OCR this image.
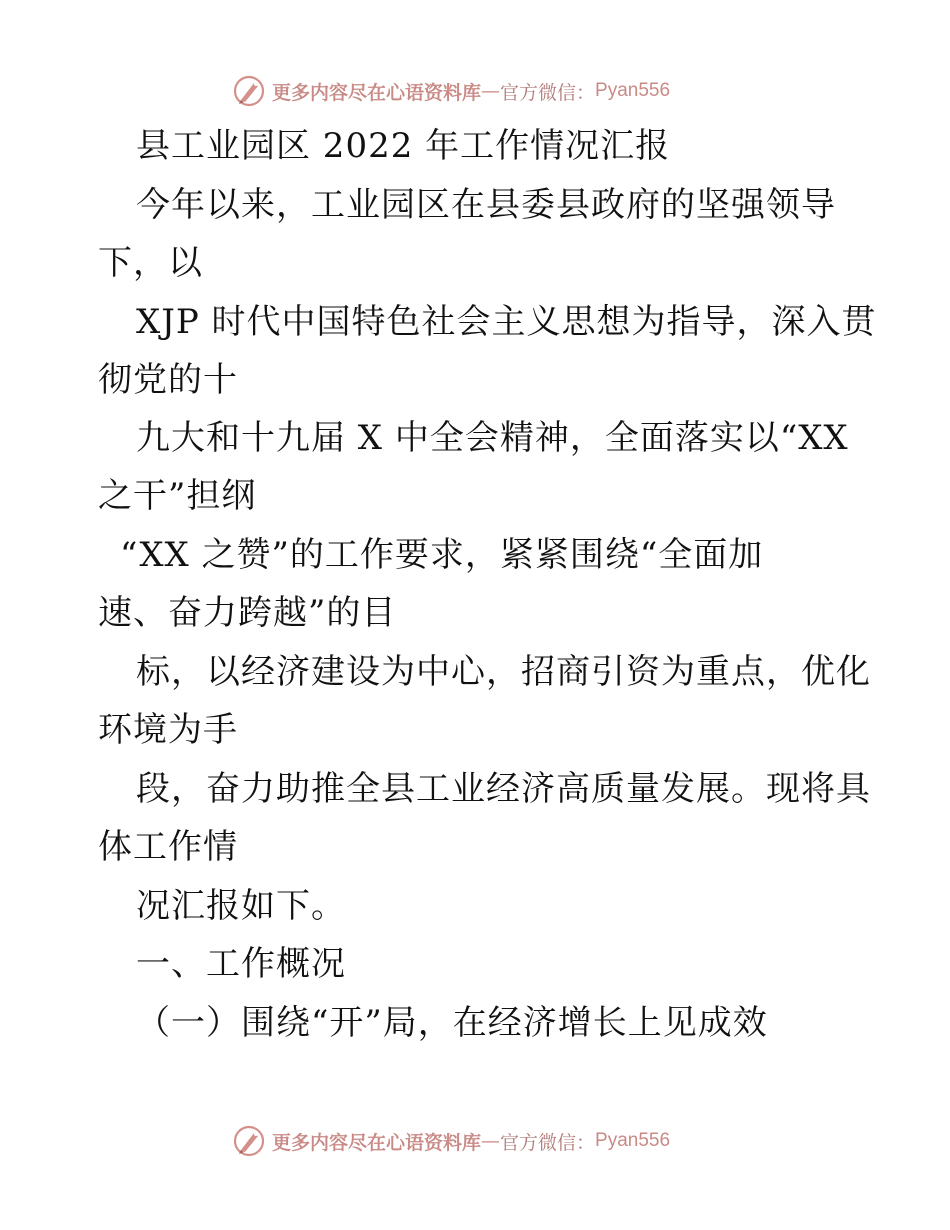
更多内容尽在心语资料库 — 官方微信： Pyan556
县工业园区 2022 年工作情况汇报
今年以来，工业园区在县委县政府的坚强领导
下，以
XJP 时代中国特色社会主义思想为指导，深入贯
彻党的十
九大和十九届 X 中全会精神，全面落实以“XX
之干”担纲
“XX 之赞”的工作要求，紧紧围绕“全面加
速、奋力跨越”的目
标，以经济建设为中心，招商引资为重点，优化
环境为手
段，奋力助推全县工业经济高质量发展。现将具
体工作情
况汇报如下。
一、工作概况
（一）围绕“开”局，在经济增长上见成效
更多内容尽在心语资料库 — 官方微信： Pyan556
